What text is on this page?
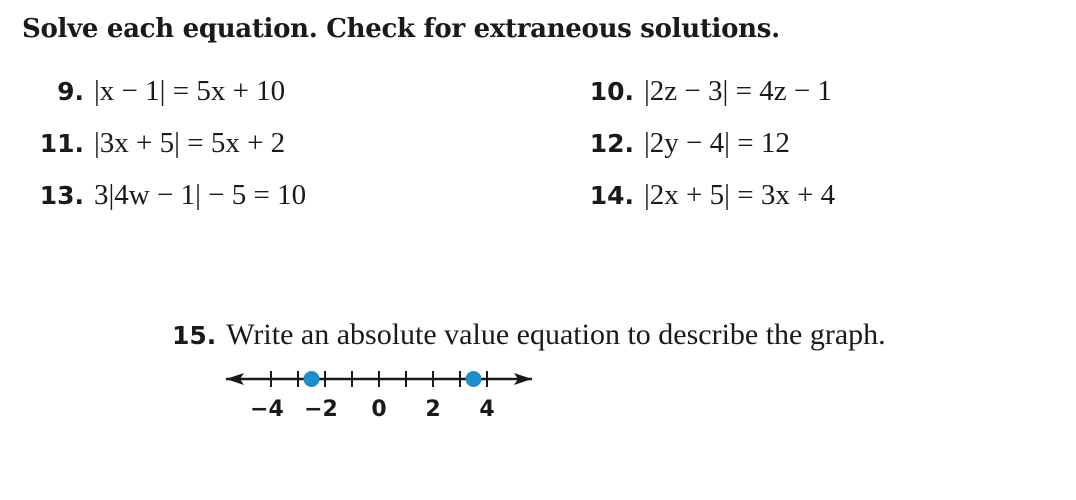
Solve each equation. Check for extraneous solutions.
9. |x − 1| = 5x + 10
11. |3x + 5| = 5x + 2
13. 3|4w − 1| − 5 = 10
10. |2z − 3| = 4z − 1
12. |2y − 4| = 12
14. |2x + 5| = 3x + 4
15. Write an absolute value equation to describe the graph.
−4 −2 0 2 4
